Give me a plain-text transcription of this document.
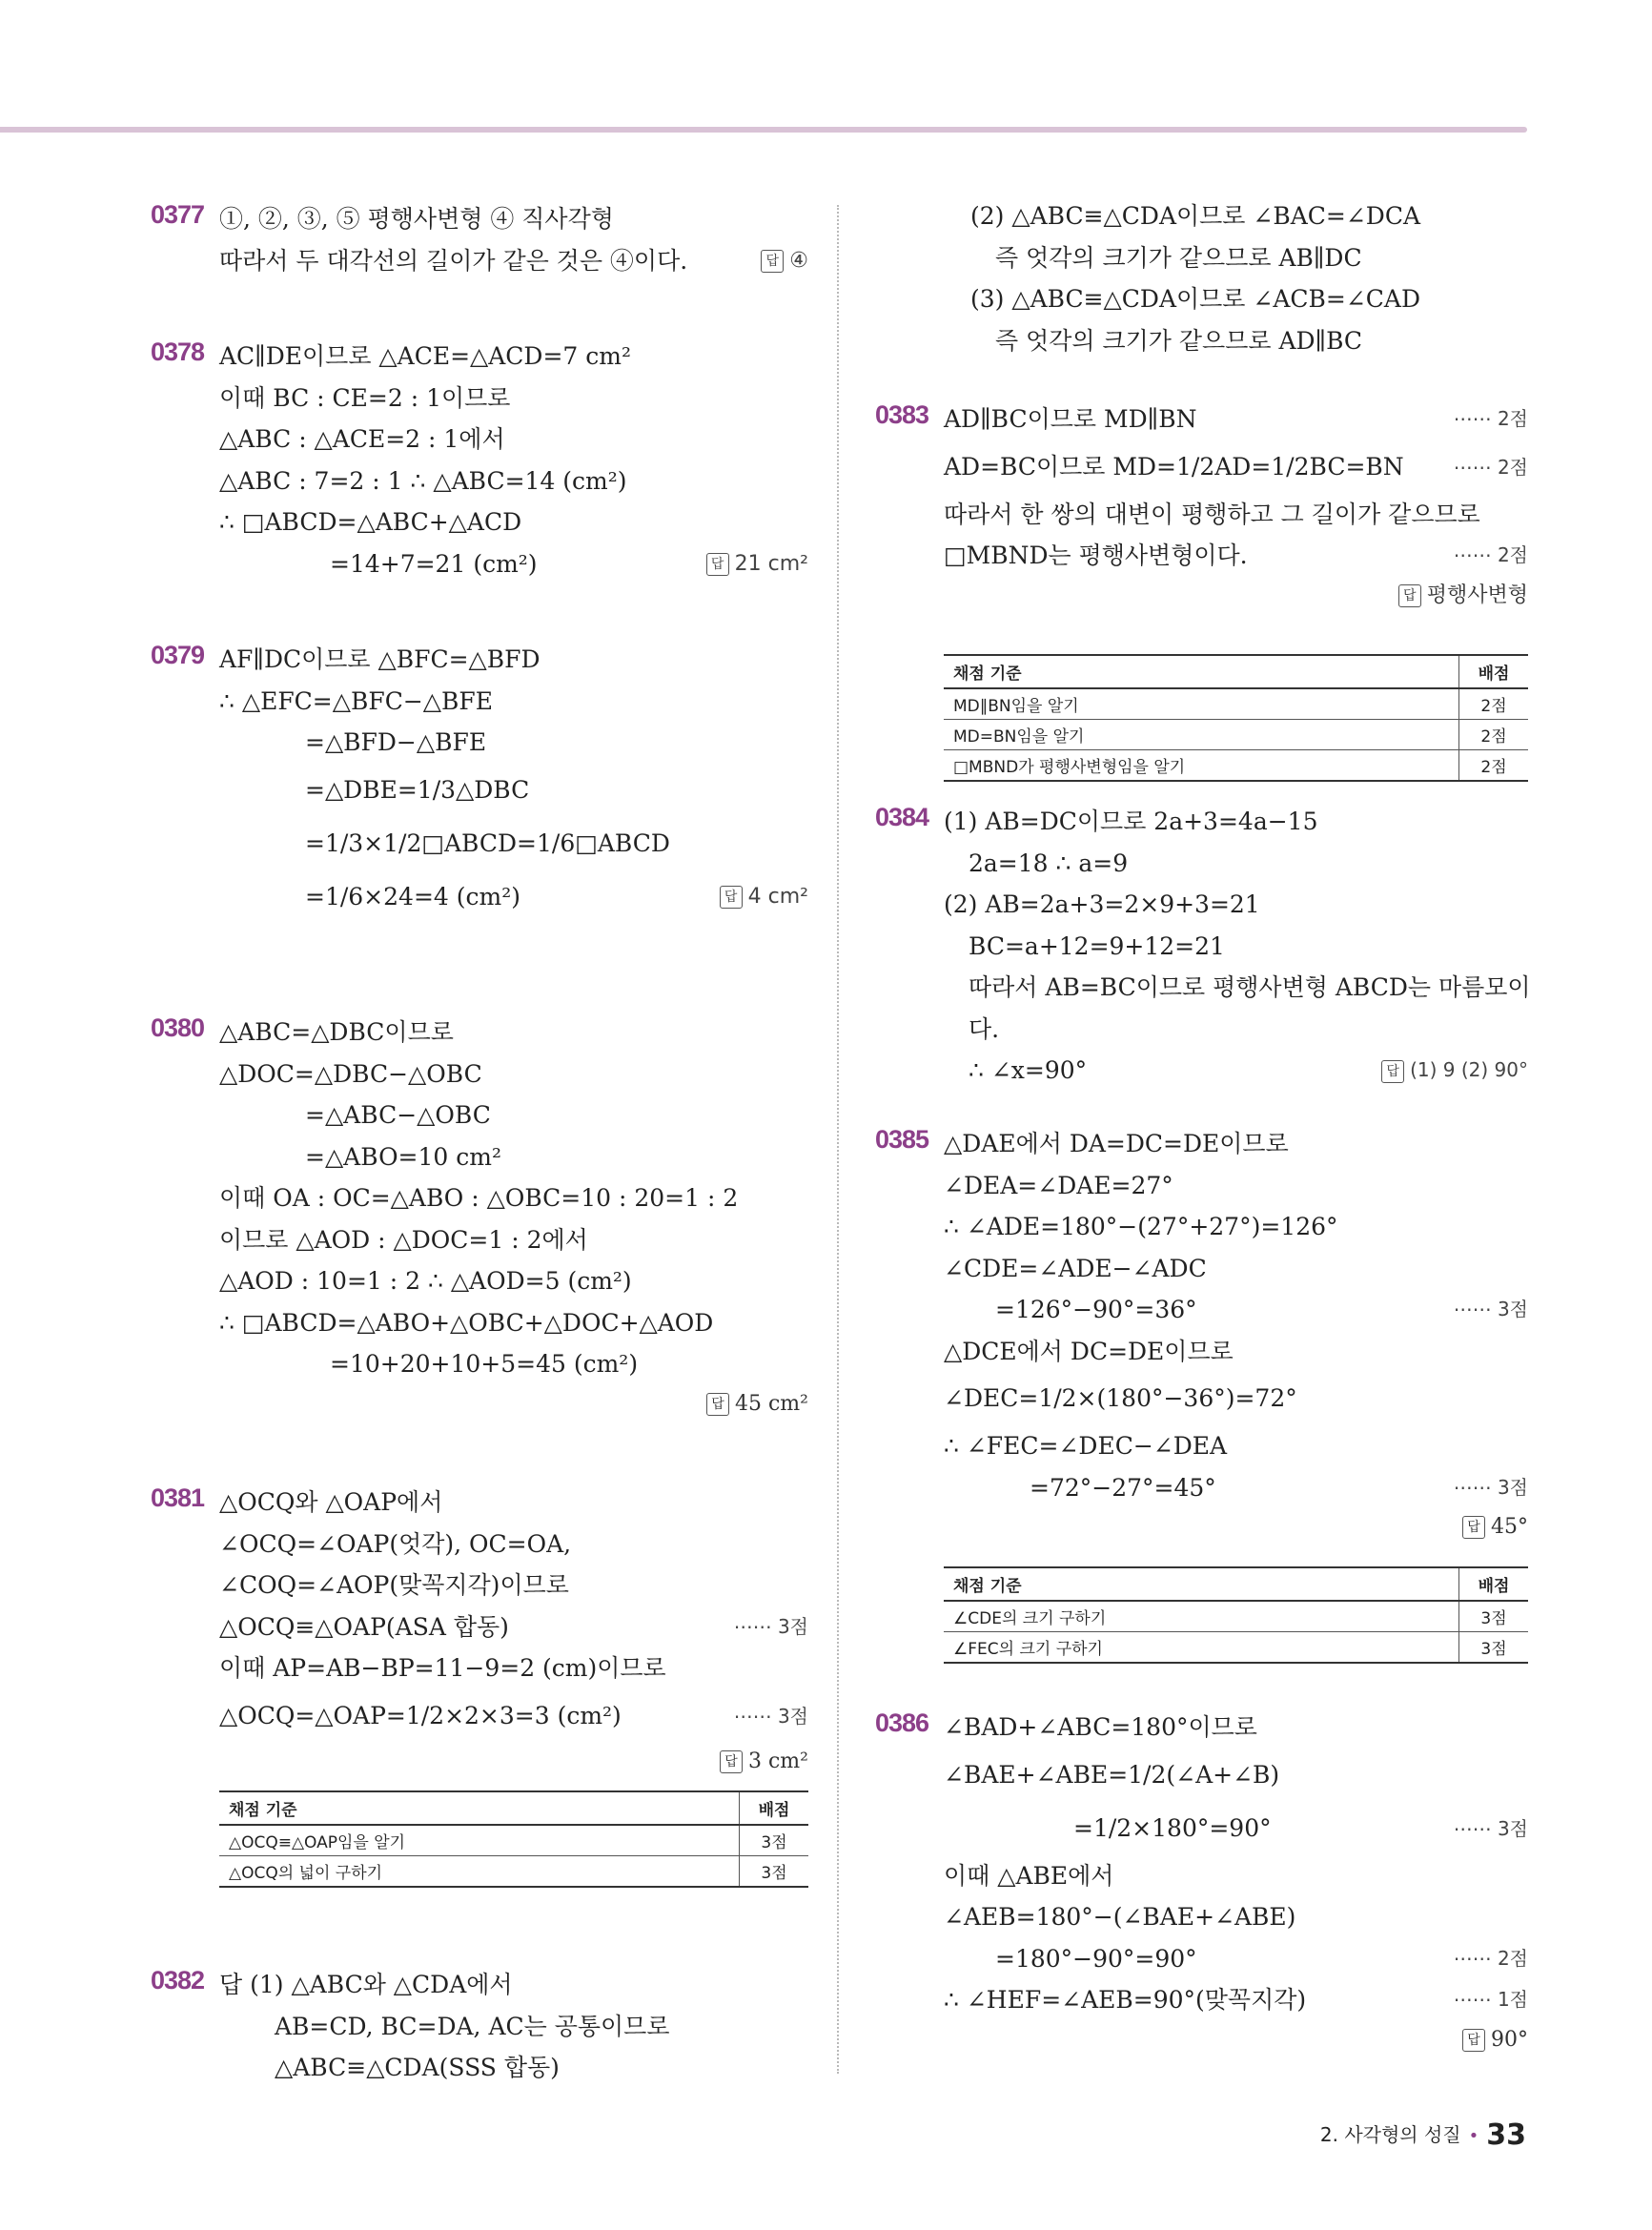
0377 ①, ②, ③, ⑤ 평행사변형 ④ 직사각형
따라서 두 대각선의 길이가 같은 것은 ④이다.	답 ④
0378 AC∥DE이므로 △ACE=△ACD=7 cm²
이때 BC : CE=2 : 1이므로
△ABC : △ACE=2 : 1에서
△ABC : 7=2 : 1 ∴ △ABC=14 (cm²)
∴ □ABCD=△ABC+△ACD
=14+7=21 (cm²)	답 21 cm²
0379 AF∥DC이므로 △BFC=△BFD
∴ △EFC=△BFC−△BFE
=△BFD−△BFE
=△DBE=1/3△DBC
=1/3×1/2□ABCD=1/6□ABCD
=1/6×24=4 (cm²)	답 4 cm²
0380 △ABC=△DBC이므로
△DOC=△DBC−△OBC
=△ABC−△OBC
=△ABO=10 cm²
이때 OA : OC=△ABO : △OBC=10 : 20=1 : 2
이므로 △AOD : △DOC=1 : 2에서
△AOD : 10=1 : 2 ∴ △AOD=5 (cm²)
∴ □ABCD=△ABO+△OBC+△DOC+△AOD
=10+20+10+5=45 (cm²)
답 45 cm²
0381 △OCQ와 △OAP에서
∠OCQ=∠OAP(엇각), OC=OA,
∠COQ=∠AOP(맞꼭지각)이므로
△OCQ≡△OAP(ASA 합동)	⋯⋯ 3점
이때 AP=AB−BP=11−9=2 (cm)이므로
△OCQ=△OAP=1/2×2×3=3 (cm²)	⋯⋯ 3점
답 3 cm²
채점 기준	배점
△OCQ≡△OAP임을 알기	3점
△OCQ의 넓이 구하기	3점
0382 답 (1) △ABC와 △CDA에서
AB=CD, BC=DA, AC는 공통이므로
△ABC≡△CDA(SSS 합동)
(2) △ABC≡△CDA이므로 ∠BAC=∠DCA
즉 엇각의 크기가 같으므로 AB∥DC
(3) △ABC≡△CDA이므로 ∠ACB=∠CAD
즉 엇각의 크기가 같으므로 AD∥BC
0383 AD∥BC이므로 MD∥BN	⋯⋯ 2점
AD=BC이므로 MD=1/2AD=1/2BC=BN	⋯⋯ 2점
따라서 한 쌍의 대변이 평행하고 그 길이가 같으므로
□MBND는 평행사변형이다.	⋯⋯ 2점
답 평행사변형
채점 기준	배점
MD∥BN임을 알기	2점
MD=BN임을 알기	2점
□MBND가 평행사변형임을 알기	2점
0384 (1) AB=DC이므로 2a+3=4a−15
2a=18 ∴ a=9
(2) AB=2a+3=2×9+3=21
BC=a+12=9+12=21
따라서 AB=BC이므로 평행사변형 ABCD는 마름모이
다.
∴ ∠x=90°	답 (1) 9 (2) 90°
0385 △DAE에서 DA=DC=DE이므로
∠DEA=∠DAE=27°
∴ ∠ADE=180°−(27°+27°)=126°
∠CDE=∠ADE−∠ADC
=126°−90°=36°	⋯⋯ 3점
△DCE에서 DC=DE이므로
∠DEC=1/2×(180°−36°)=72°
∴ ∠FEC=∠DEC−∠DEA
=72°−27°=45°	⋯⋯ 3점
답 45°
채점 기준	배점
∠CDE의 크기 구하기	3점
∠FEC의 크기 구하기	3점
0386 ∠BAD+∠ABC=180°이므로
∠BAE+∠ABE=1/2(∠A+∠B)
=1/2×180°=90°	⋯⋯ 3점
이때 △ABE에서
∠AEB=180°−(∠BAE+∠ABE)
=180°−90°=90°	⋯⋯ 2점
∴ ∠HEF=∠AEB=90°(맞꼭지각)	⋯⋯ 1점
답 90°
2. 사각형의 성질 • 33
